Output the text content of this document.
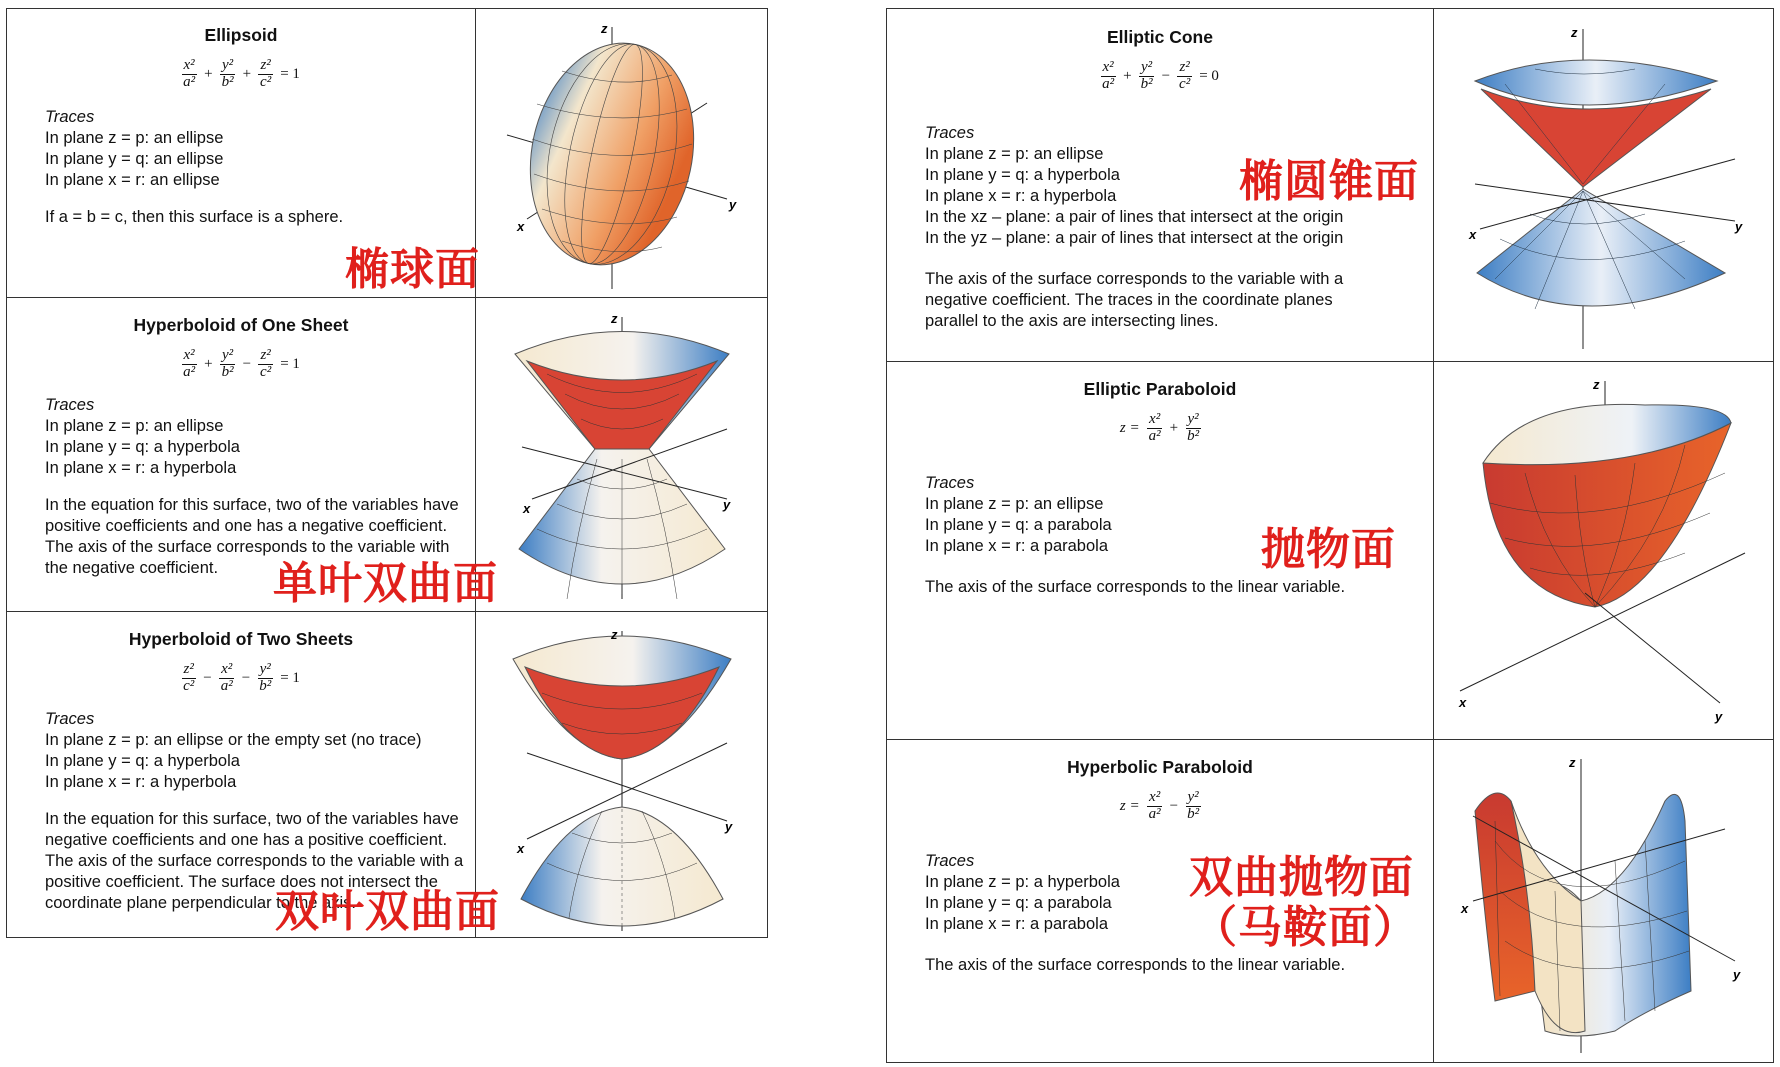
Ellipsoid
$\frac{\text{x²}}{\text{a²}} + \frac{\text{y²}}{\text{b²}} + \frac{\text{z²}}{\text{c²}} = 1$
Traces
In plane z = p: an ellipse
In plane y = q: an ellipse
In plane x = r: an ellipse
If a = b = c, then this surface is a sphere.
椭球面
z
x
y
Hyperboloid of One Sheet
$\frac{\text{x²}}{\text{a²}} + \frac{\text{y²}}{\text{b²}} - \frac{\text{z²}}{\text{c²}} = 1$
Traces
In plane z = p: an ellipse
In plane y = q: a hyperbola
In plane x = r: a hyperbola
In the equation for this surface, two of the variables have
positive coefficients and one has a negative coefficient.
The axis of the surface corresponds to the variable with
the negative coefficient.	单叶双曲面
z
x	y
Hyperboloid of Two Sheets
$\frac{\text{z²}}{\text{c²}} - \frac{\text{x²}}{\text{a²}} - \frac{\text{y²}}{\text{b²}} = 1$
Traces
In plane z = p: an ellipse or the empty set (no trace)
In plane y = q: a hyperbola
In plane x = r: a hyperbola
In the equation for this surface, two of the variables have
negative coefficients and one has a positive coefficient.
The axis of the surface corresponds to the variable with a
positive coefficient. The surface does not intersect the
coordinate plane perpendicular to the axis.
双叶双曲面
z
x
y
Elliptic Cone
$\frac{\text{x²}}{\text{a²}} + \frac{\text{y²}}{\text{b²}} - \frac{\text{z²}}{\text{c²}} = 0$
Traces
In plane z = p: an ellipse
In plane y = q: a hyperbola
In plane x = r: a hyperbola
In the xz – plane: a pair of lines that intersect at the origin
In the yz – plane: a pair of lines that intersect at the origin
The axis of the surface corresponds to the variable with a
negative coefficient. The traces in the coordinate planes
parallel to the axis are intersecting lines.
椭圆锥面
z
x
y
Elliptic Paraboloid
$z = \frac{\text{x²}}{\text{a²}} + \frac{\text{y²}}{\text{b²}}$
Traces
In plane z = p: an ellipse
In plane y = q: a parabola
In plane x = r: a parabola
The axis of the surface corresponds to the linear variable.
抛物面
z
x
y
Hyperbolic Paraboloid
$z = \frac{\text{x²}}{\text{a²}} - \frac{\text{y²}}{\text{b²}}$
Traces
In plane z = p: a hyperbola
In plane y = q: a parabola
In plane x = r: a parabola
The axis of the surface corresponds to the linear variable.
双曲抛物面
（马鞍面）
z
x
y
